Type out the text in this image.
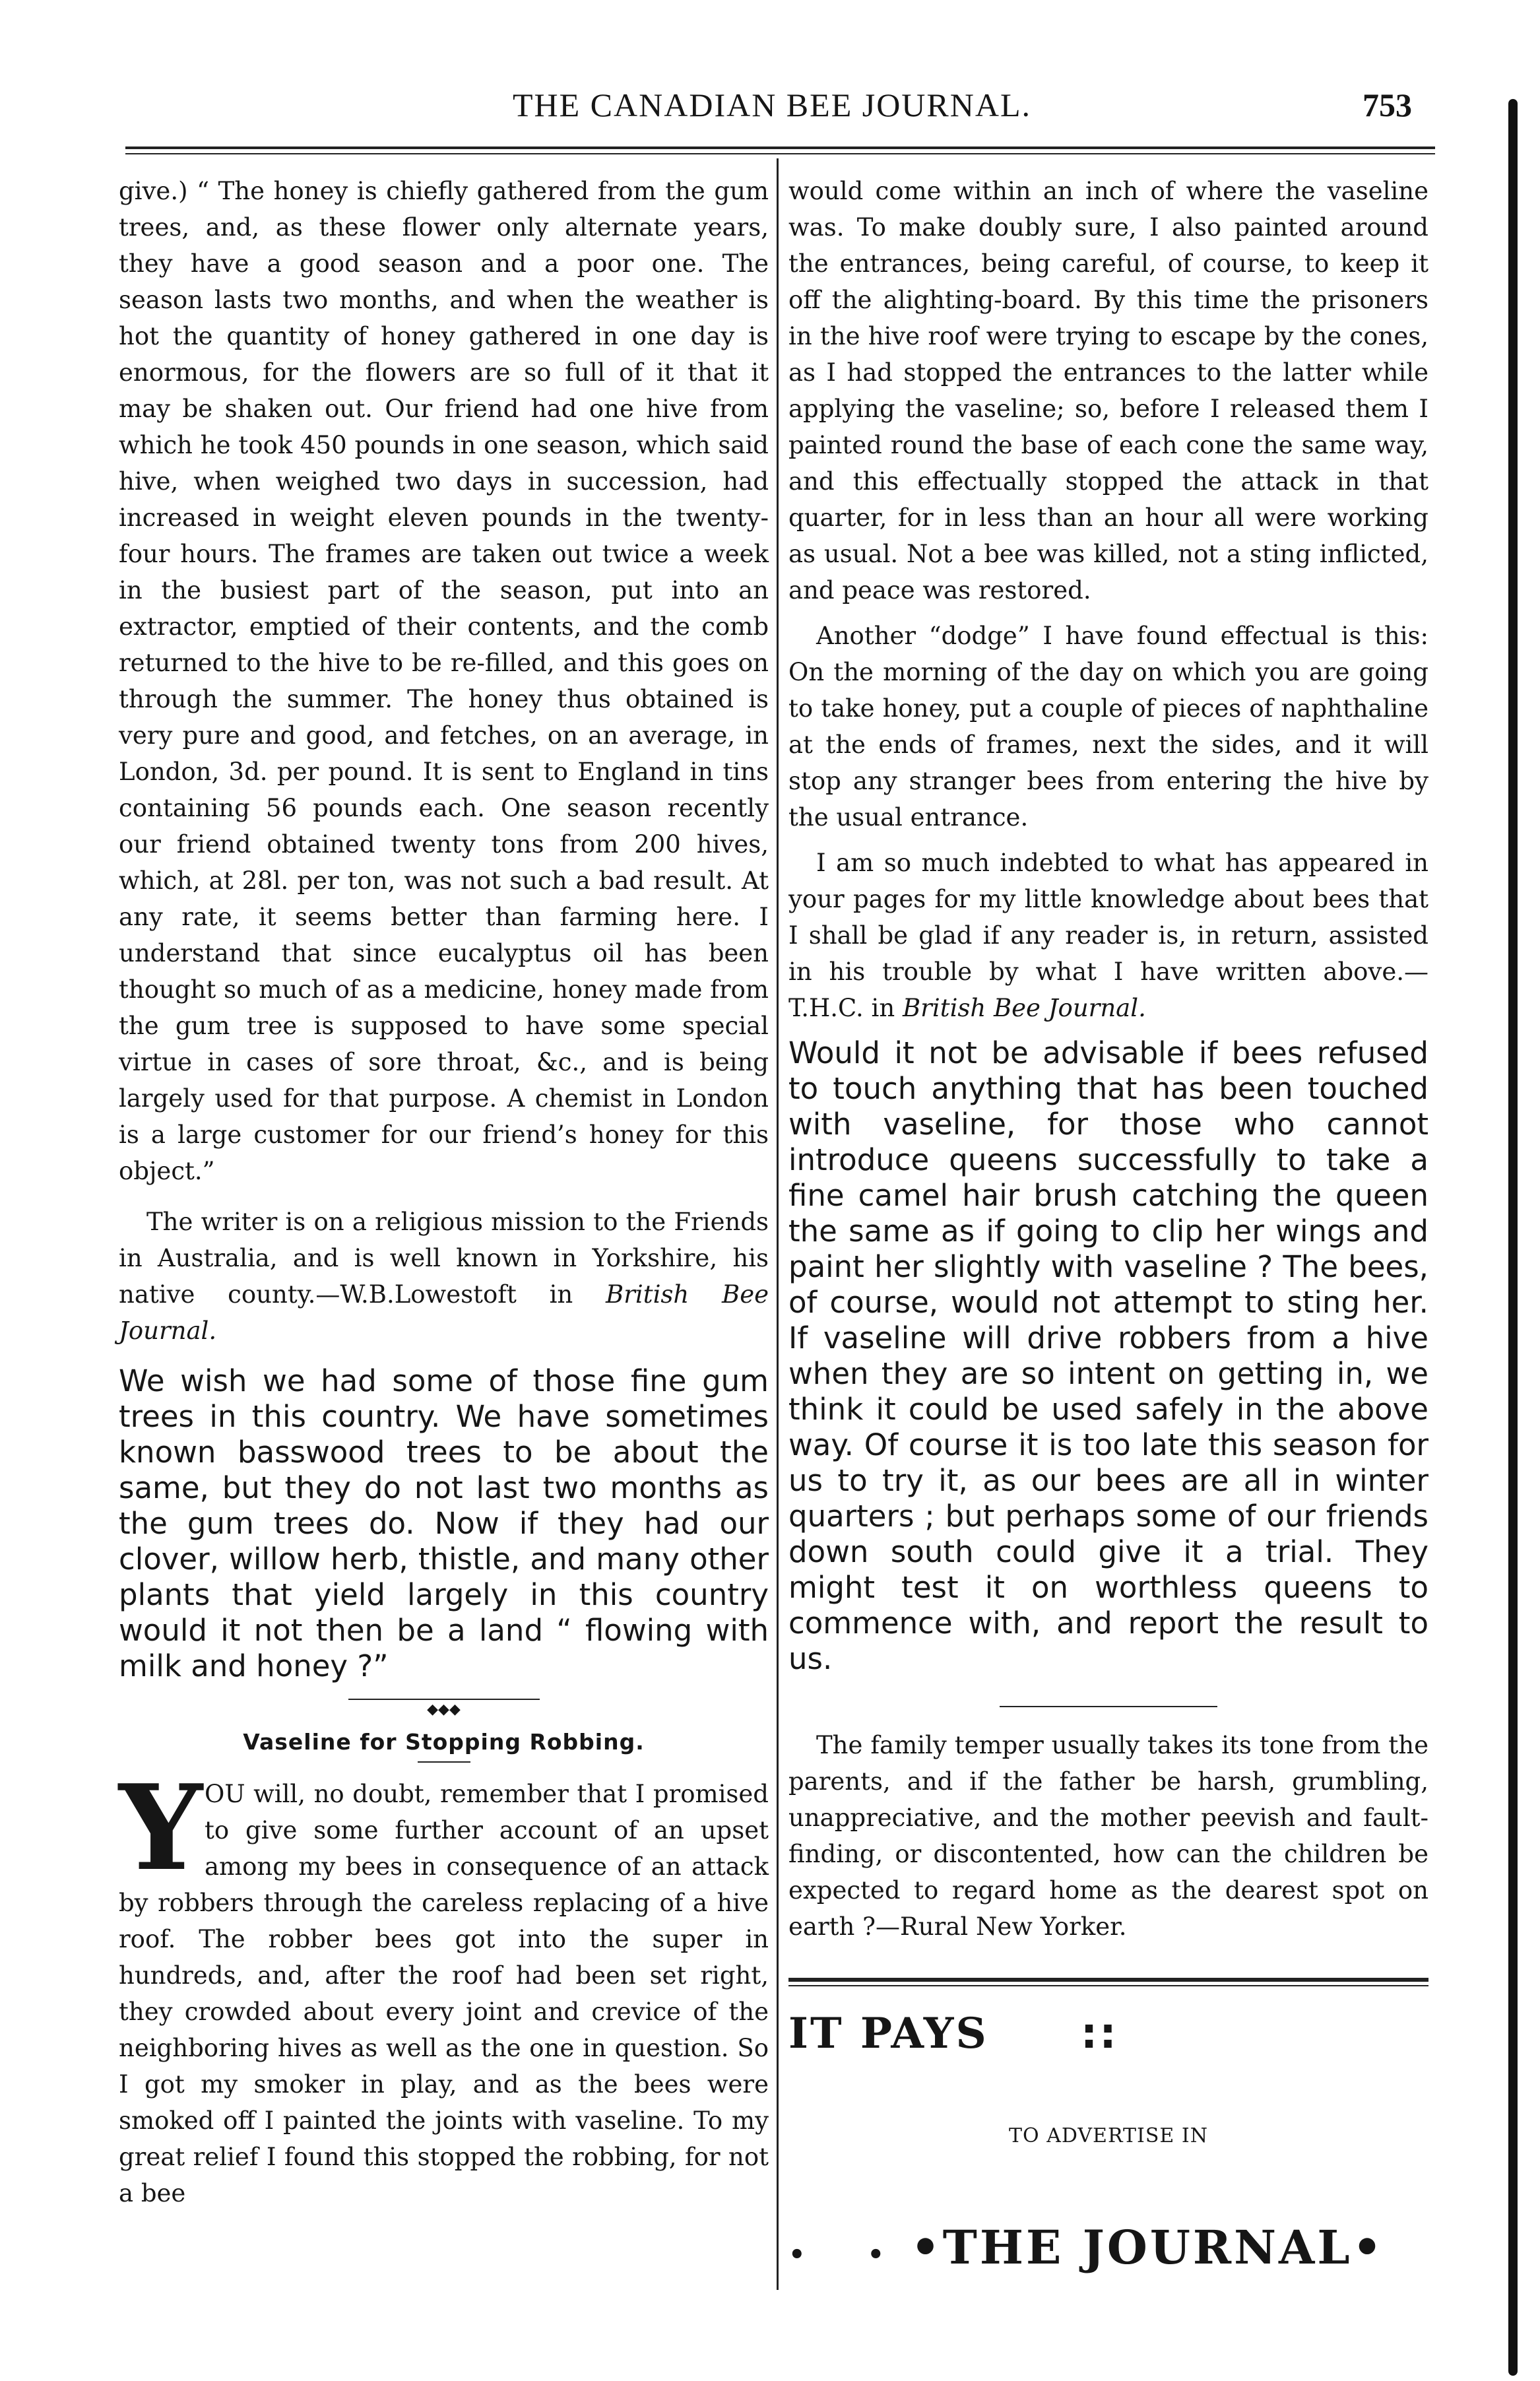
THE CANADIAN BEE JOURNAL.	753

give.) “ The honey is chiefly gathered from the gum trees, and, as these flower only alternate years, they have a good season and a poor one. The season lasts two months, and when the weather is hot the quantity of honey gathered in one day is enormous, for the flowers are so full of it that it may be shaken out. Our friend had one hive from which he took 450 pounds in one season, which said hive, when weighed two days in succession, had increased in weight eleven pounds in the twenty-four hours. The frames are taken out twice a week in the busiest part of the season, put into an extractor, emptied of their contents, and the comb returned to the hive to be re-filled, and this goes on through the summer. The honey thus obtained is very pure and good, and fetches, on an average, in London, 3d. per pound. It is sent to England in tins containing 56 pounds each. One season recently our friend obtained twenty tons from 200 hives, which, at 28l. per ton, was not such a bad result. At any rate, it seems better than farming here. I understand that since eucalyptus oil has been thought so much of as a medicine, honey made from the gum tree is supposed to have some special virtue in cases of sore throat, &c., and is being largely used for that purpose. A chemist in London is a large customer for our friend’s honey for this object.”

The writer is on a religious mission to the Friends in Australia, and is well known in Yorkshire, his native county.—W.B.Lowestoft in British Bee Journal.

We wish we had some of those fine gum trees in this country. We have sometimes known basswood trees to be about the same, but they do not last two months as the gum trees do. Now if they had our clover, willow herb, thistle, and many other plants that yield largely in this country would it not then be a land “ flowing with milk and honey ?”

◆◆◆
Vaseline for Stopping Robbing.
Y OU will, no doubt, remember that I promised to give some further account of an upset among my bees in consequence of an attack by robbers through the careless replacing of a hive roof. The robber bees got into the super in hundreds, and, after the roof had been set right, they crowded about every joint and crevice of the neighboring hives as well as the one in question. So I got my smoker in play, and as the bees were smoked off I painted the joints with vaseline. To my great relief I found this stopped the robbing, for not a bee

would come within an inch of where the vaseline was. To make doubly sure, I also painted around the entrances, being careful, of course, to keep it off the alighting-board. By this time the prisoners in the hive roof were trying to escape by the cones, as I had stopped the entrances to the latter while applying the vaseline; so, before I released them I painted round the base of each cone the same way, and this effectually stopped the attack in that quarter, for in less than an hour all were working as usual. Not a bee was killed, not a sting inflicted, and peace was restored.

Another “dodge” I have found effectual is this: On the morning of the day on which you are going to take honey, put a couple of pieces of naphthaline at the ends of frames, next the sides, and it will stop any stranger bees from entering the hive by the usual entrance.

I am so much indebted to what has appeared in your pages for my little knowledge about bees that I shall be glad if any reader is, in return, assisted in his trouble by what I have written above.—T.H.C. in British Bee Journal.

Would it not be advisable if bees refused to touch anything that has been touched with vaseline, for those who cannot introduce queens successfully to take a fine camel hair brush catching the queen the same as if going to clip her wings and paint her slightly with vaseline ? The bees, of course, would not attempt to sting her. If vaseline will drive robbers from a hive when they are so intent on getting in, we think it could be used safely in the above way. Of course it is too late this season for us to try it, as our bees are all in winter quarters ; but perhaps some of our friends down south could give it a trial. They might test it on worthless queens to commence with, and report the result to us.

The family temper usually takes its tone from the parents, and if the father be harsh, grumbling, unappreciative, and the mother peevish and fault-finding, or discontented, how can the children be expected to regard home as the dearest spot on earth ?—Rural New Yorker.

IT PAYS ::
TO ADVERTISE IN
• ••THE JOURNAL•
